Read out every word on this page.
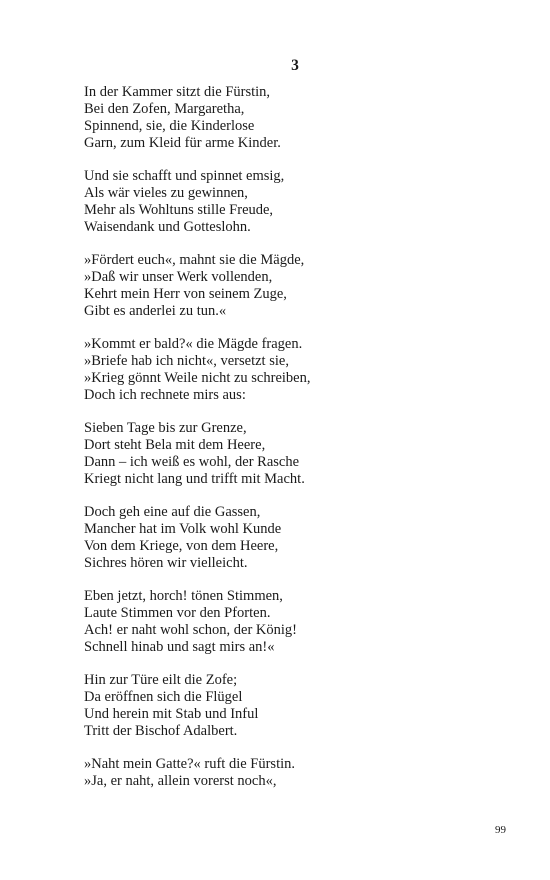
3
In der Kammer sitzt die Fürstin,
Bei den Zofen, Margaretha,
Spinnend, sie, die Kinderlose
Garn, zum Kleid für arme Kinder.
Und sie schafft und spinnet emsig,
Als wär vieles zu gewinnen,
Mehr als Wohltuns stille Freude,
Waisendank und Gotteslohn.
»Fördert euch«, mahnt sie die Mägde,
»Daß wir unser Werk vollenden,
Kehrt mein Herr von seinem Zuge,
Gibt es anderlei zu tun.«
»Kommt er bald?« die Mägde fragen.
»Briefe hab ich nicht«, versetzt sie,
»Krieg gönnt Weile nicht zu schreiben,
Doch ich rechnete mirs aus:
Sieben Tage bis zur Grenze,
Dort steht Bela mit dem Heere,
Dann – ich weiß es wohl, der Rasche
Kriegt nicht lang und trifft mit Macht.
Doch geh eine auf die Gassen,
Mancher hat im Volk wohl Kunde
Von dem Kriege, von dem Heere,
Sichres hören wir vielleicht.
Eben jetzt, horch! tönen Stimmen,
Laute Stimmen vor den Pforten.
Ach! er naht wohl schon, der König!
Schnell hinab und sagt mirs an!«
Hin zur Türe eilt die Zofe;
Da eröffnen sich die Flügel
Und herein mit Stab und Inful
Tritt der Bischof Adalbert.
»Naht mein Gatte?« ruft die Fürstin.
»Ja, er naht, allein vorerst noch«,
99
